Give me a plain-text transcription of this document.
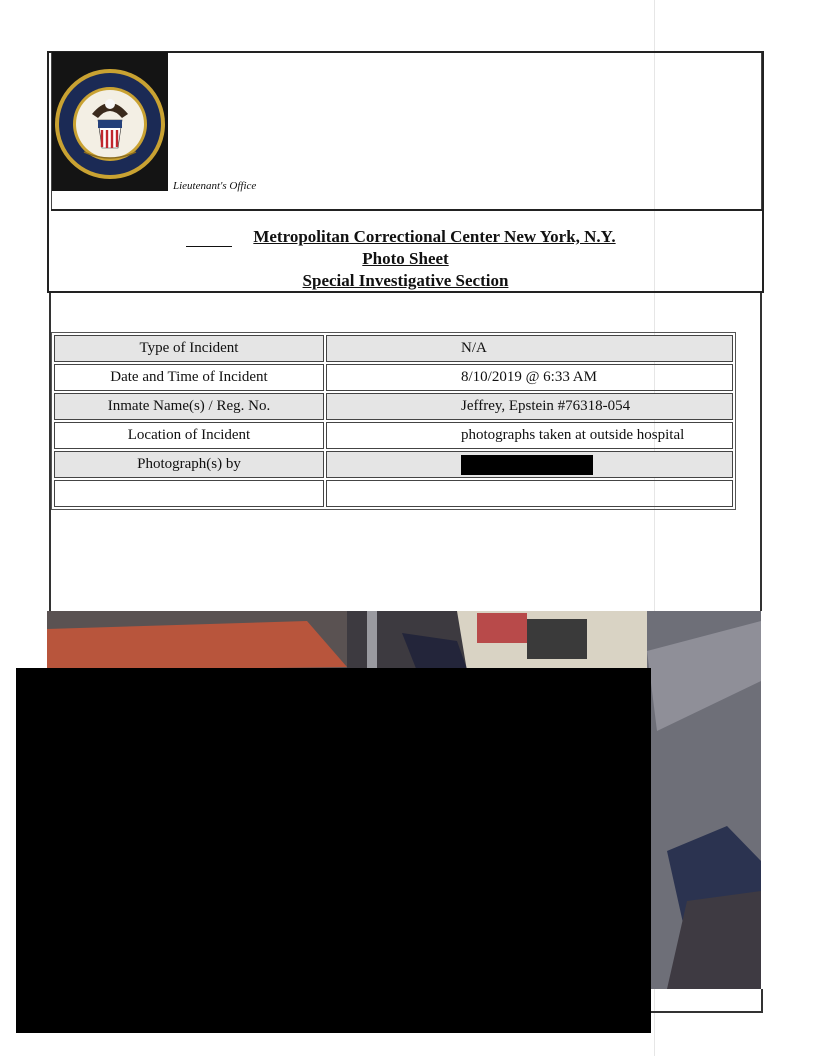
Lieutenant's Office
Metropolitan Correctional Center New York, N.Y.
Photo Sheet
Special Investigative Section
Type of Incident	N/A
Date and Time of Incident	8/10/2019 @ 6:33 AM
Inmate Name(s) / Reg. No.	Jeffrey, Epstein #76318-054
Location of Incident	photographs taken at outside hospital
Photograph(s) by	
